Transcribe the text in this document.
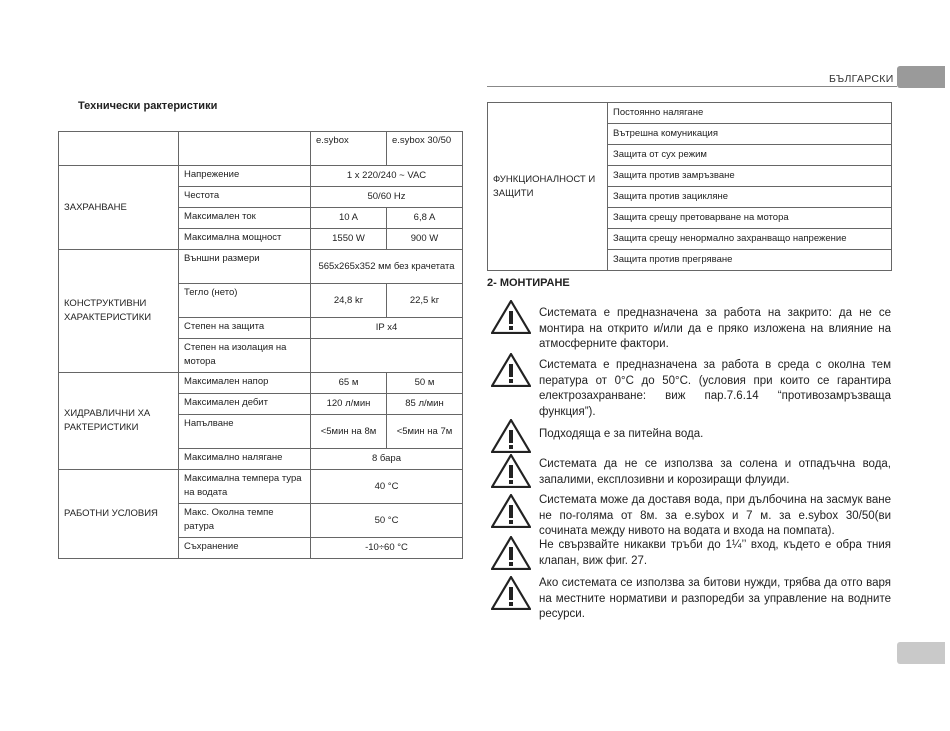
БЪЛГАРСКИ
Технически рактеристики
		e.sybox	e.sybox 30/50
ЗАХРАНВАНЕ	Напрежение	1 x 220/240 ~ VAC	
	Честота	50/60 Hz	
	Максимален ток	10 A	6,8 A
	Максимална мощност	1550 W	900 W
КОНСТРУКТИВНИ ХАРАКТЕРИСТИКИ	Външни размери	565x265x352 мм без крачетата	
	Тегло (нето)	24,8 kг	22,5 kг
	Степен на защита	IP x4	
	Степен на изолация на мотора		
ХИДРАВЛИЧНИ ХА РАКТЕРИСТИКИ	Максимален напор	65 м	50 м
	Максимален дебит	120 л/мин	85 л/мин
	Напълване	<5мин на 8м	<5мин на 7м
	Максимално налягане	8 бара	
РАБОТНИ УСЛОВИЯ	Максимална темпера тура на водата	40 °C	
	Макс. Околна темпе ратура	50 °C	
	Съхранение	-10÷60 °C	
ФУНКЦИОНАЛНОСТ И ЗАЩИТИ	Постоянно налягане
Вътрешна комуникация
Защита от сух режим
Защита против замръзване
Защита против зациклянe
Защита срещу претоварване на мотора
Защита срещу ненормално захранващо напрежение
Защита против прегряване
2- МОНТИРАНЕ
Системата е предназначена за работа на закрито: да не се монтира на открито и/или да е пряко изложена на влияние на атмосферните фактори.
Системата е предназначена за работа в среда с околна тем пература от 0°C до 50°C. (условия при които се гарантира електрозахранване: виж пар.7.6.14 “противозамръзваща функция”).
Подходяща е за питейна вода.
Системата да не се използва за солена и отпадъчна вода, запалими, експлозивни и корозиращи флуиди.
Системата може да доставя вода, при дълбочина на засмук ване не по-голяма от 8м. за e.sybox и 7 м. за e.sybox 30/50(ви сочината между нивото на водата и входа на помпата).
Не свързвайте никакви тръби до 1¼’’ вход, където е обра тния клапан, виж фиг. 27.
Ако системата се използва за битови нужди, трябва да отго варя на местните нормативи и разпоредби за управление на водните ресурси.
